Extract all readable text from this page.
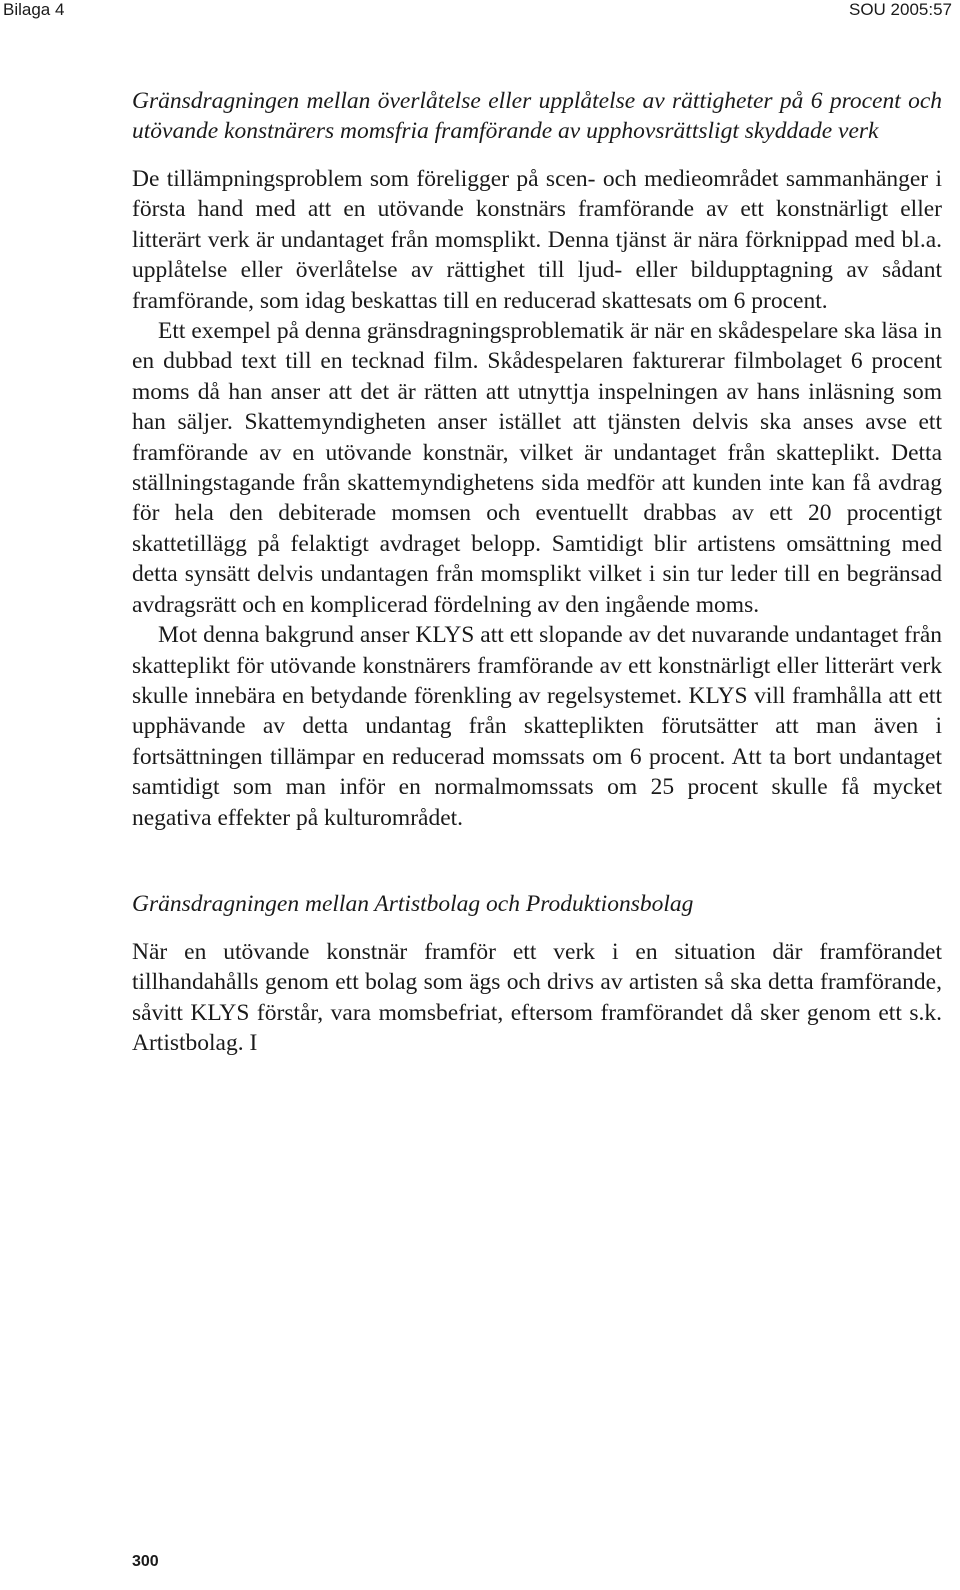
Bilaga 4	SOU 2005:57
Gränsdragningen mellan överlåtelse eller upplåtelse av rättigheter på 6 procent och utövande konstnärers momsfria framförande av upphovsrättsligt skyddade verk

De tillämpningsproblem som föreligger på scen- och medieområdet sammanhänger i första hand med att en utövande konstnärs framförande av ett konstnärligt eller litterärt verk är undantaget från momsplikt. Denna tjänst är nära förknippad med bl.a. upplåtelse eller överlåtelse av rättighet till ljud- eller bildupptagning av sådant framförande, som idag beskattas till en reducerad skattesats om 6 procent.

Ett exempel på denna gränsdragningsproblematik är när en skådespelare ska läsa in en dubbad text till en tecknad film. Skådespelaren fakturerar filmbolaget 6 procent moms då han anser att det är rätten att utnyttja inspelningen av hans inläsning som han säljer. Skattemyndigheten anser istället att tjänsten delvis ska anses avse ett framförande av en utövande konstnär, vilket är undantaget från skatteplikt. Detta ställningstagande från skattemyndighetens sida medför att kunden inte kan få avdrag för hela den debiterade momsen och eventuellt drabbas av ett 20 procentigt skattetillägg på felaktigt avdraget belopp. Samtidigt blir artistens omsättning med detta synsätt delvis undantagen från momsplikt vilket i sin tur leder till en begränsad avdragsrätt och en komplicerad fördelning av den ingående moms.

Mot denna bakgrund anser KLYS att ett slopande av det nuvarande undantaget från skatteplikt för utövande konstnärers framförande av ett konstnärligt eller litterärt verk skulle innebära en betydande förenkling av regelsystemet. KLYS vill framhålla att ett upphävande av detta undantag från skatteplikten förutsätter att man även i fortsättningen tillämpar en reducerad momssats om 6 procent. Att ta bort undantaget samtidigt som man inför en normalmomssats om 25 procent skulle få mycket negativa effekter på kulturområdet.

Gränsdragningen mellan Artistbolag och Produktionsbolag

När en utövande konstnär framför ett verk i en situation där framförandet tillhandahålls genom ett bolag som ägs och drivs av artisten så ska detta framförande, såvitt KLYS förstår, vara momsbefriat, eftersom framförandet då sker genom ett s.k. Artistbolag. I

300
